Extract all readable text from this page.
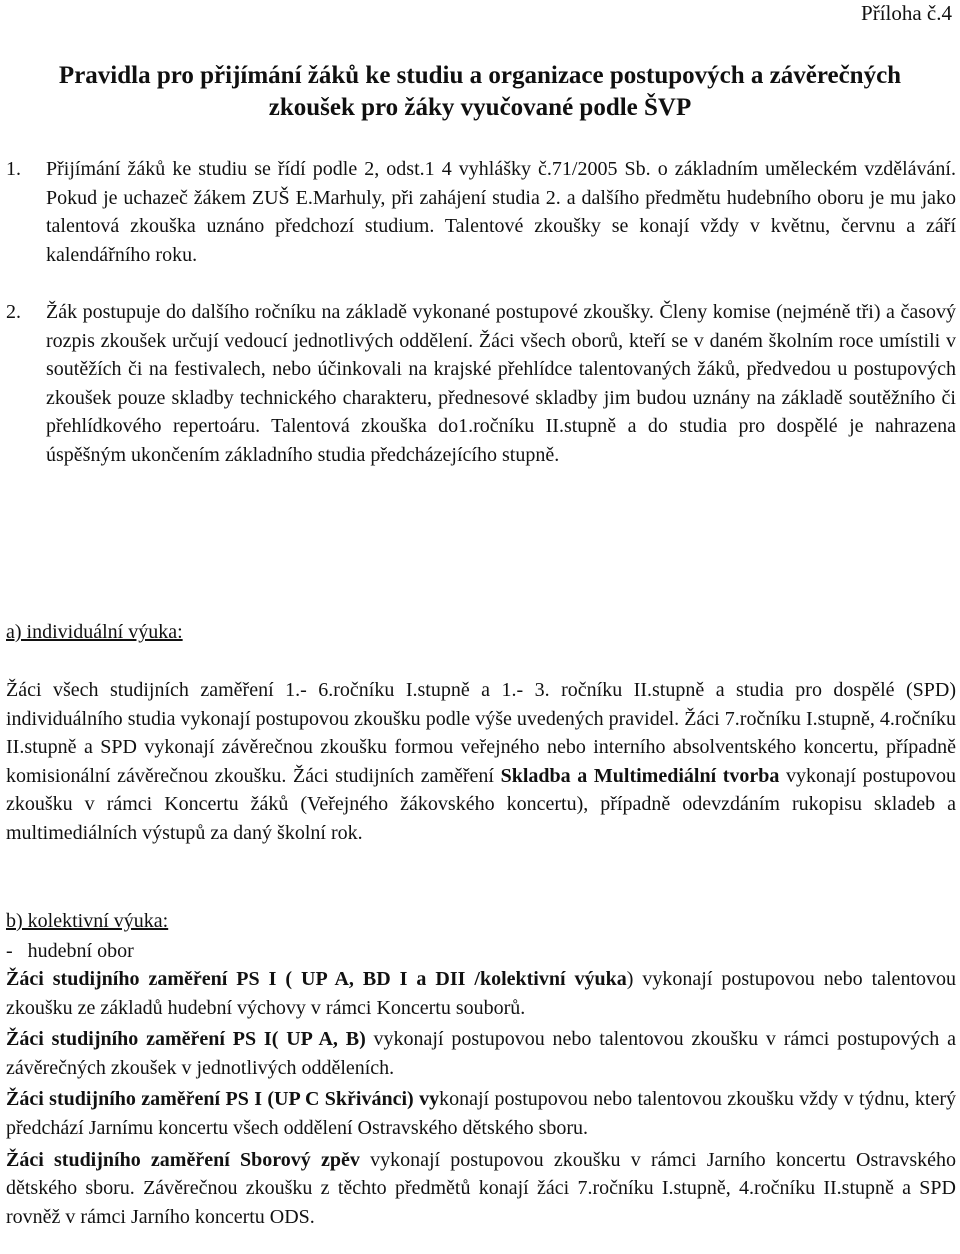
Příloha č.4

Pravidla pro přijímání žáků ke studiu a organizace postupových a závěrečných zkoušek pro žáky vyučované podle ŠVP
1.	Přijímání žáků ke studiu se řídí podle 2, odst.1 4 vyhlášky č.71/2005 Sb. o základním uměleckém vzdělávání. Pokud je uchazeč žákem ZUŠ E.Marhuly, při zahájení studia 2. a dalšího předmětu hudebního oboru je mu jako talentová zkouška uznáno předchozí studium. Talentové zkoušky se konají vždy v květnu, červnu a září kalendářního roku.

2.	Žák postupuje do dalšího ročníku na základě vykonané postupové zkoušky. Členy komise (nejméně tři) a časový rozpis zkoušek určují vedoucí jednotlivých oddělení. Žáci všech oborů, kteří se v daném školním roce umístili v soutěžích či na festivalech, nebo účinkovali na krajské přehlídce talentovaných žáků, předvedou u postupových zkoušek pouze skladby technického charakteru, přednesové skladby jim budou uznány na základě soutěžního či přehlídkového repertoáru. Talentová zkouška do1.ročníku II.stupně a do studia pro dospělé je nahrazena úspěšným ukončením základního studia předcházejícího stupně.

a) individuální výuka:

Žáci všech studijních zaměření 1.- 6.ročníku I.stupně a 1.- 3. ročníku II.stupně a studia pro dospělé (SPD) individuálního studia vykonají postupovou zkoušku podle výše uvedených pravidel. Žáci 7.ročníku I.stupně, 4.ročníku II.stupně a SPD vykonají závěrečnou zkoušku formou veřejného nebo interního absolventského koncertu, případně komisionální závěrečnou zkoušku. Žáci studijních zaměření Skladba a Multimediální tvorba vykonají postupovou zkoušku v rámci Koncertu žáků (Veřejného žákovského koncertu), případně odevzdáním rukopisu skladeb a multimediálních výstupů za daný školní rok.

b) kolektivní výuka:

-   hudební obor

Žáci studijního zaměření PS I ( UP A, BD I a DII /kolektivní výuka) vykonají postupovou nebo talentovou zkoušku ze základů hudební výchovy v rámci Koncertu souborů.

Žáci studijního zaměření PS I( UP A, B) vykonají postupovou nebo talentovou zkoušku v rámci postupových a závěrečných zkoušek v jednotlivých odděleních.

Žáci studijního zaměření PS I (UP C Skřivánci) vykonají postupovou nebo talentovou zkoušku vždy v týdnu, který předchází Jarnímu koncertu všech oddělení Ostravského dětského sboru.

Žáci studijního zaměření Sborový zpěv vykonají postupovou zkoušku v rámci Jarního koncertu Ostravského dětského sboru. Závěrečnou zkoušku z těchto předmětů konají žáci 7.ročníku I.stupně, 4.ročníku II.stupně a SPD rovněž v rámci Jarního koncertu ODS.
